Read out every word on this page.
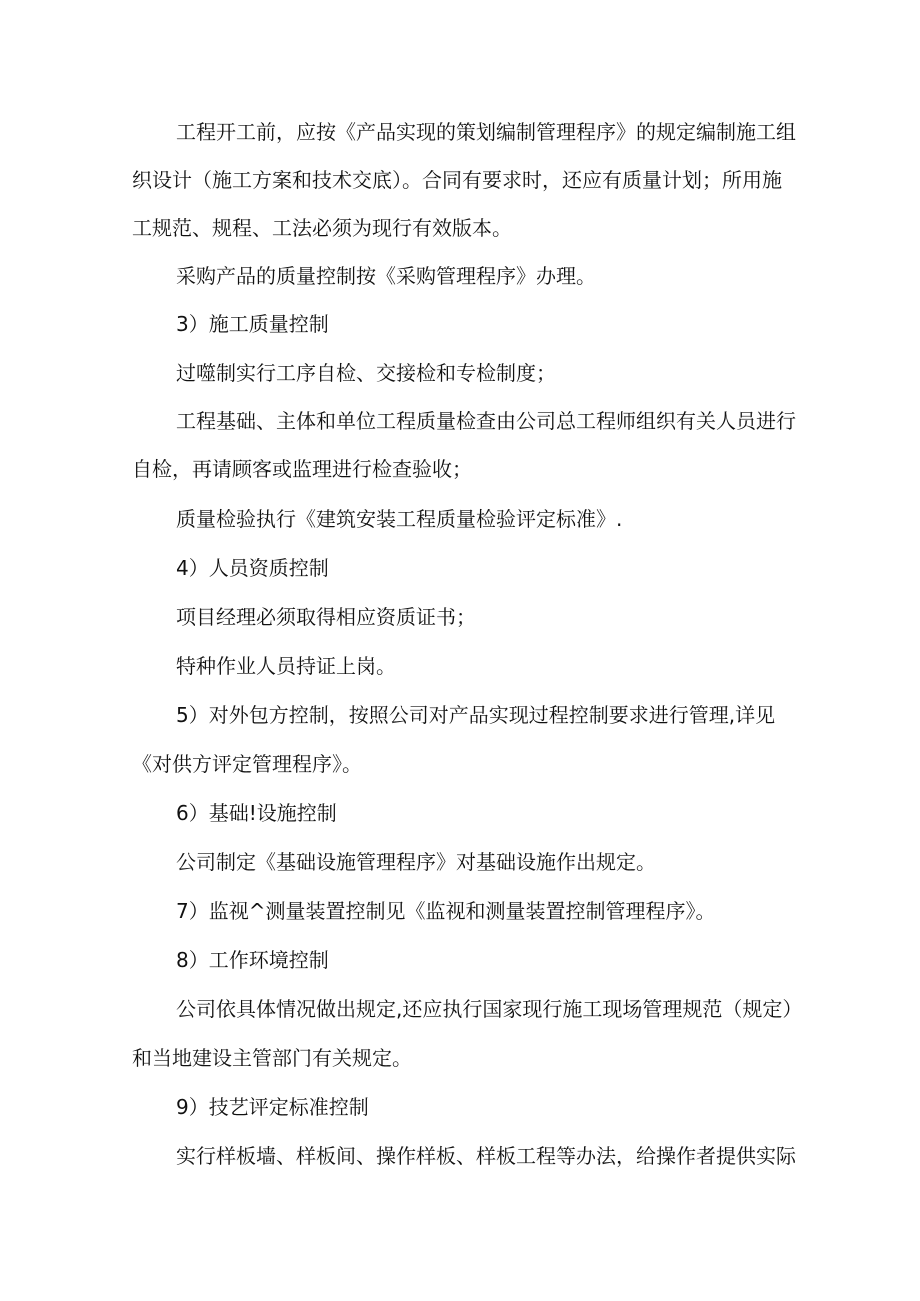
工程开工前，应按《产品实现的策划编制管理程序》的规定编制施工组
织设计（施工方案和技术交底）。合同有要求时，还应有质量计划；所用施
工规范、规程、工法必须为现行有效版本。
采购产品的质量控制按《采购管理程序》办理。
3）施工质量控制
过噬制实行工序自检、交接检和专检制度；
工程基础、主体和单位工程质量检查由公司总工程师组织有关人员进行
自检，再请顾客或监理进行检查验收；
质量检验执行《建筑安装工程质量检验评定标准》.
4）人员资质控制
项目经理必须取得相应资质证书；
特种作业人员持证上岗。
5）对外包方控制，按照公司对产品实现过程控制要求进行管理,详见
《对供方评定管理程序》。
6）基础!设施控制
公司制定《基础设施管理程序》对基础设施作出规定。
7）监视^测量装置控制见《监视和测量装置控制管理程序》。
8）工作环境控制
公司依具体情况做出规定,还应执行国家现行施工现场管理规范（规定）
和当地建设主管部门有关规定。
9）技艺评定标准控制
实行样板墙、样板间、操作样板、样板工程等办法，给操作者提供实际
